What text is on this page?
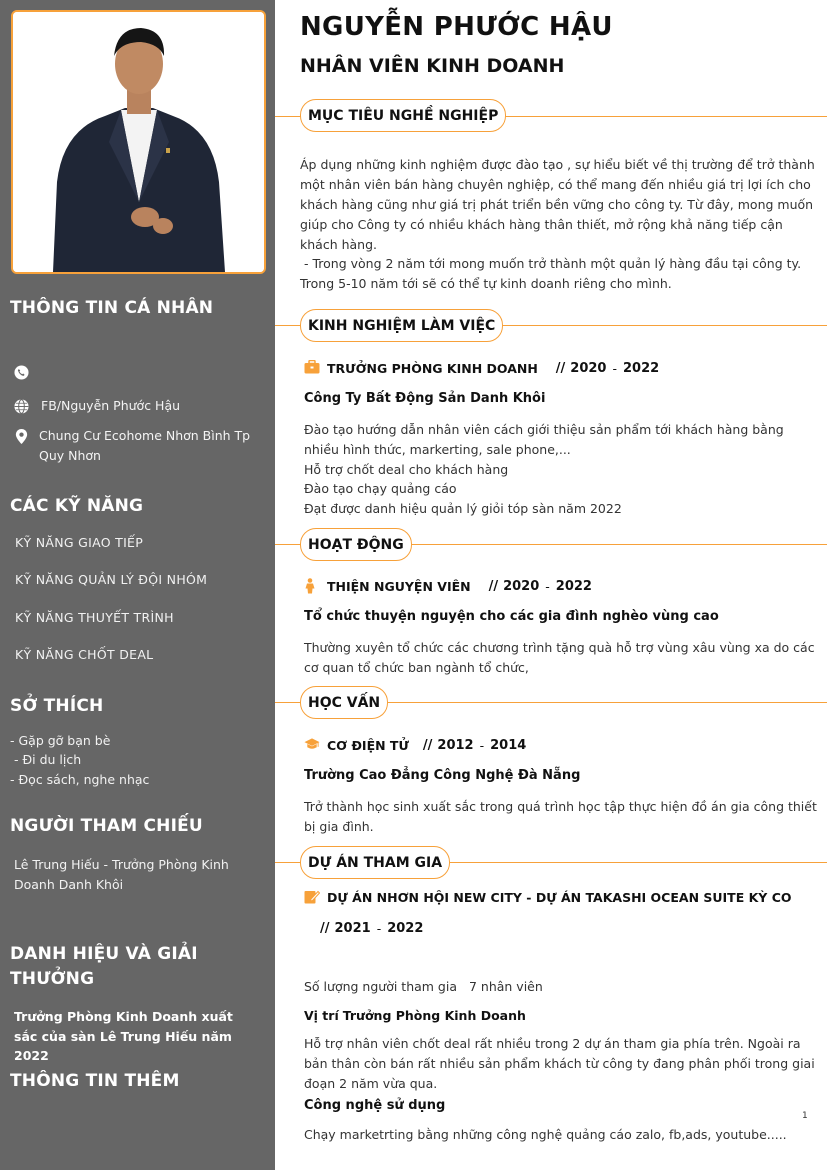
THÔNG TIN CÁ NHÂN
FB/Nguyễn Phước Hậu
Chung Cư Ecohome Nhơn Bình Tp Quy Nhơn
CÁC KỸ NĂNG
KỸ NĂNG GIAO TIẾP
KỸ NĂNG QUẢN LÝ ĐỘI NHÓM
KỸ NĂNG THUYẾT TRÌNH
KỸ NĂNG CHỐT DEAL
SỞ THÍCH
- Gặp gỡ bạn bè
- Đi du lịch
- Đọc sách, nghe nhạc
NGƯỜI THAM CHIẾU
Lê Trung Hiếu - Trưởng Phòng Kinh Doanh Danh Khôi
DANH HIỆU VÀ GIẢI THƯỞNG
Trưởng Phòng Kinh Doanh xuất sắc của sàn Lê Trung Hiếu năm 2022
THÔNG TIN THÊM
NGUYỄN PHƯỚC HẬU
NHÂN VIÊN KINH DOANH
MỤC TIÊU NGHỀ NGHIỆP
Áp dụng những kinh nghiệm được đào tạo , sự hiểu biết về thị trường để trở thành một nhân viên bán hàng chuyên nghiệp, có thể mang đến nhiều giá trị lợi ích cho khách hàng cũng như giá trị phát triển bền vững cho công ty. Từ đây, mong muốn giúp cho Công ty có nhiều khách hàng thân thiết, mở rộng khả năng tiếp cận khách hàng.
- Trong vòng 2 năm tới mong muốn trở thành một quản lý hàng đầu tại công ty. Trong 5-10 năm tới sẽ có thể tự kinh doanh riêng cho mình.
KINH NGHIỆM LÀM VIỆC
TRƯỞNG PHÒNG KINH DOANH // 2020 - 2022
Công Ty Bất Động Sản Danh Khôi
Đào tạo hướng dẫn nhân viên cách giới thiệu sản phẩm tới khách hàng bằng nhiều hình thức, markerting, sale phone,...
Hỗ trợ chốt deal cho khách hàng
Đào tạo chạy quảng cáo
Đạt được danh hiệu quản lý giỏi tóp sàn năm 2022
HOẠT ĐỘNG
THIỆN NGUYỆN VIÊN // 2020 - 2022
Tổ chức thuyện nguyện cho các gia đình nghèo vùng cao
Thường xuyên tổ chức các chương trình tặng quà hỗ trợ vùng xâu vùng xa do các cơ quan tổ chức ban ngành tổ chức,
HỌC VẤN
CƠ ĐIỆN TỬ // 2012 - 2014
Trường Cao Đẳng Công Nghệ Đà Nẵng
Trở thành học sinh xuất sắc trong quá trình học tập thực hiện đồ án gia công thiết bị gia đình.
DỰ ÁN THAM GIA
DỰ ÁN NHƠN HỘI NEW CITY - DỰ ÁN TAKASHI OCEAN SUITE KỲ CO
// 2021 - 2022
Số lượng người tham gia 7 nhân viên
Vị trí Trưởng Phòng Kinh Doanh
Hỗ trợ nhân viên chốt deal rất nhiều trong 2 dự án tham gia phía trên. Ngoài ra bản thân còn bán rất nhiều sản phẩm khách từ công ty đang phân phối trong giai đoạn 2 năm vừa qua.
Công nghệ sử dụng
Chạy marketrting bằng những công nghệ quảng cáo zalo, fb,ads, youtube.....
1
